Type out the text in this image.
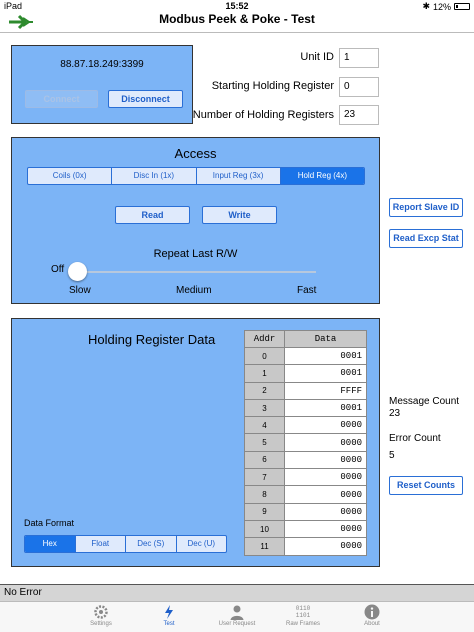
iPad	15:52	✱ 12%
Modbus Peek & Poke - Test
88.87.18.249:3399
Connect	Disconnect
Unit ID	1
Starting Holding Register	0
Number of Holding Registers	23
Access
Coils (0x)	Disc In (1x)	Input Reg (3x)	Hold Reg (4x)
Read	Write
Repeat Last R/W
Off
Slow	Medium	Fast
Report Slave ID
Read Excp Stat
Holding Register Data	Addr	Data
0	0001
1	0001
2	FFFF
3	0001
4	0000
5	0000
6	0000
7	0000
8	0000
9	0000
10	0000
11	0000
Data Format
Hex	Float	Dec (S)	Dec (U)
Message Count
23
Error Count
5
Reset Counts
No Error
Settings	Test	User Request
0110
1101
Raw Frames	About
